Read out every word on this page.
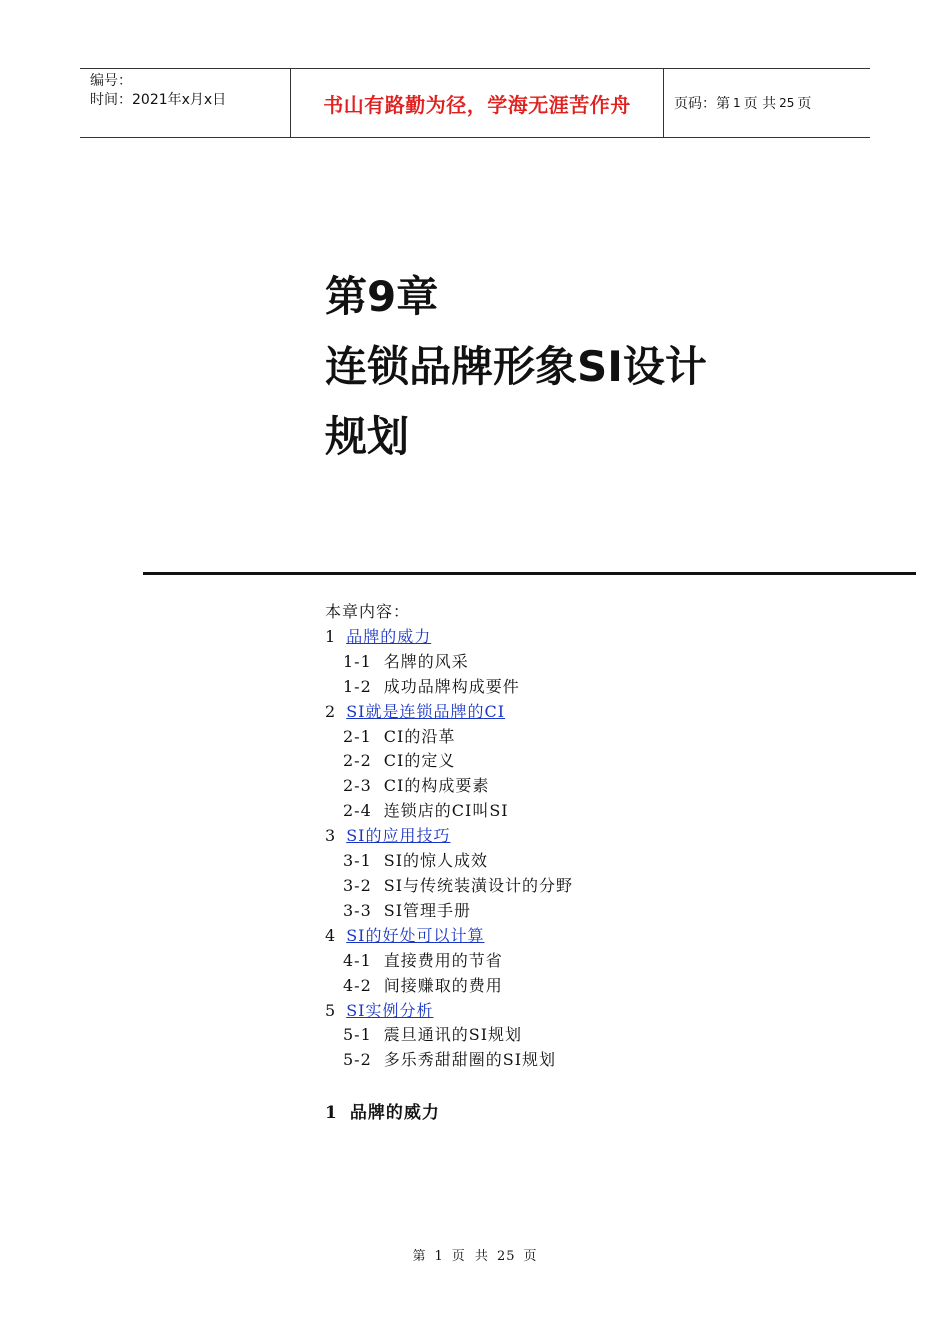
编号：
时间：2021年x月x日	书山有路勤为径，学海无涯苦作舟	页码：第 1 页 共 25 页
第9章
连锁品牌形象SI设计
规划
本章内容：
1 品牌的威力
1-1 名牌的风采
1-2 成功品牌构成要件
2 SI就是连锁品牌的CI
2-1 CI的沿革
2-2 CI的定义
2-3 CI的构成要素
2-4 连锁店的CI叫SI
3 SI的应用技巧
3-1 SI的惊人成效
3-2 SI与传统装潢设计的分野
3-3 SI管理手册
4 SI的好处可以计算
4-1 直接费用的节省
4-2 间接赚取的费用
5 SI实例分析
5-1 震旦通讯的SI规划
5-2 多乐秀甜甜圈的SI规划
1 品牌的威力
第 1 页 共 25 页
